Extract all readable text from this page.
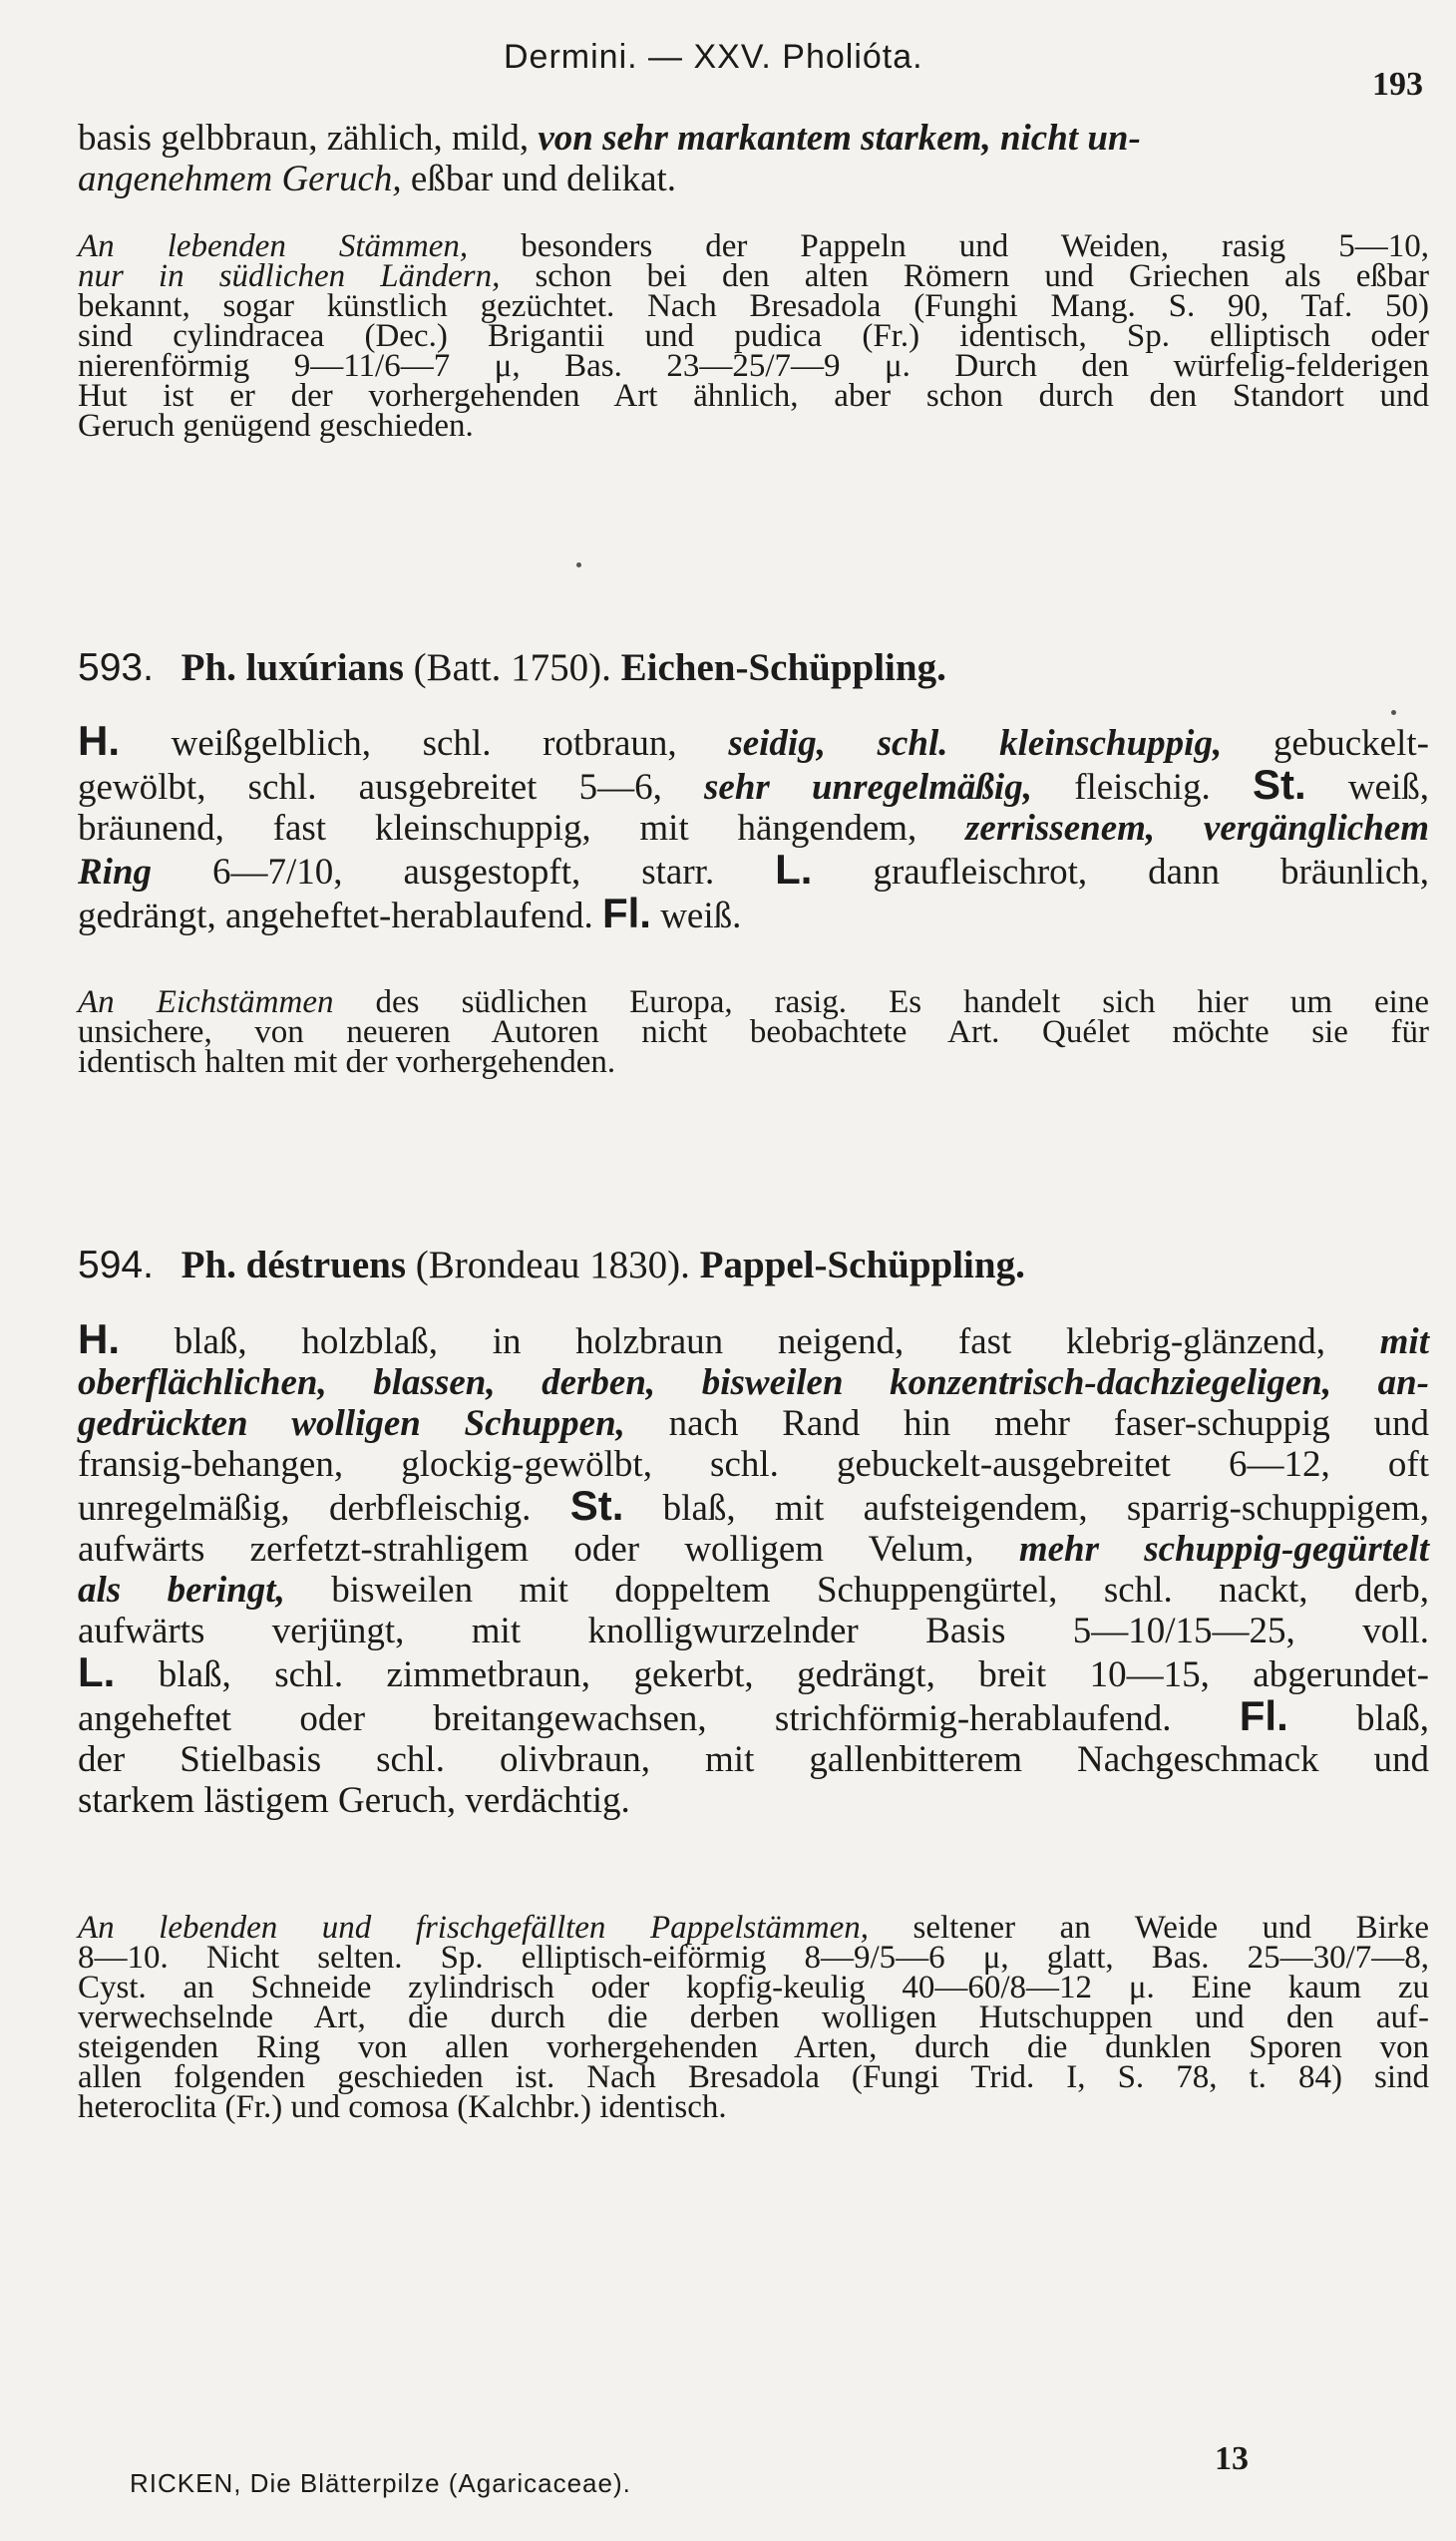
Dermini. — XXV. Pholióta.
193
basis gelbbraun, zählich, mild, von sehr markantem starkem, nicht un-
angenehmem Geruch, eßbar und delikat.
An lebenden Stämmen, besonders der Pappeln und Weiden, rasig 5—10,
nur in südlichen Ländern, schon bei den alten Römern und Griechen als eßbar
bekannt, sogar künstlich gezüchtet. Nach Bresadola (Funghi Mang. S. 90, Taf. 50)
sind cylindracea (Dec.) Brigantii und pudica (Fr.) identisch, Sp. elliptisch oder
nierenförmig 9—11/6—7 μ, Bas. 23—25/7—9 μ. Durch den würfelig-felderigen
Hut ist er der vorhergehenden Art ähnlich, aber schon durch den Standort und
Geruch genügend geschieden.
593. Ph. luxúrians (Batt. 1750). Eichen-Schüppling.
H. weißgelblich, schl. rotbraun, seidig, schl. kleinschuppig, gebuckelt-
gewölbt, schl. ausgebreitet 5—6, sehr unregelmäßig, fleischig. St. weiß,
bräunend, fast kleinschuppig, mit hängendem, zerrissenem, vergänglichem
Ring 6—7/10, ausgestopft, starr. L. graufleischrot, dann bräunlich,
gedrängt, angeheftet-herablaufend. Fl. weiß.
An Eichstämmen des südlichen Europa, rasig. Es handelt sich hier um eine
unsichere, von neueren Autoren nicht beobachtete Art. Quélet möchte sie für
identisch halten mit der vorhergehenden.
594. Ph. déstruens (Brondeau 1830). Pappel-Schüppling.
H. blaß, holzblaß, in holzbraun neigend, fast klebrig-glänzend, mit
oberflächlichen, blassen, derben, bisweilen konzentrisch-dachziegeligen, an-
gedrückten wolligen Schuppen, nach Rand hin mehr faser-schuppig und
fransig-behangen, glockig-gewölbt, schl. gebuckelt-ausgebreitet 6—12, oft
unregelmäßig, derbfleischig. St. blaß, mit aufsteigendem, sparrig-schuppigem,
aufwärts zerfetzt-strahligem oder wolligem Velum, mehr schuppig-gegürtelt
als beringt, bisweilen mit doppeltem Schuppengürtel, schl. nackt, derb,
aufwärts verjüngt, mit knolligwurzelnder Basis 5—10/15—25, voll.
L. blaß, schl. zimmetbraun, gekerbt, gedrängt, breit 10—15, abgerundet-
angeheftet oder breitangewachsen, strichförmig-herablaufend. Fl. blaß,
der Stielbasis schl. olivbraun, mit gallenbitterem Nachgeschmack und
starkem lästigem Geruch, verdächtig.
An lebenden und frischgefällten Pappelstämmen, seltener an Weide und Birke
8—10. Nicht selten. Sp. elliptisch-eiförmig 8—9/5—6 μ, glatt, Bas. 25—30/7—8,
Cyst. an Schneide zylindrisch oder kopfig-keulig 40—60/8—12 μ. Eine kaum zu
verwechselnde Art, die durch die derben wolligen Hutschuppen und den auf-
steigenden Ring von allen vorhergehenden Arten, durch die dunklen Sporen von
allen folgenden geschieden ist. Nach Bresadola (Fungi Trid. I, S. 78, t. 84) sind
heteroclita (Fr.) und comosa (Kalchbr.) identisch.
RICKEN, Die Blätterpilze (Agaricaceae).
13
